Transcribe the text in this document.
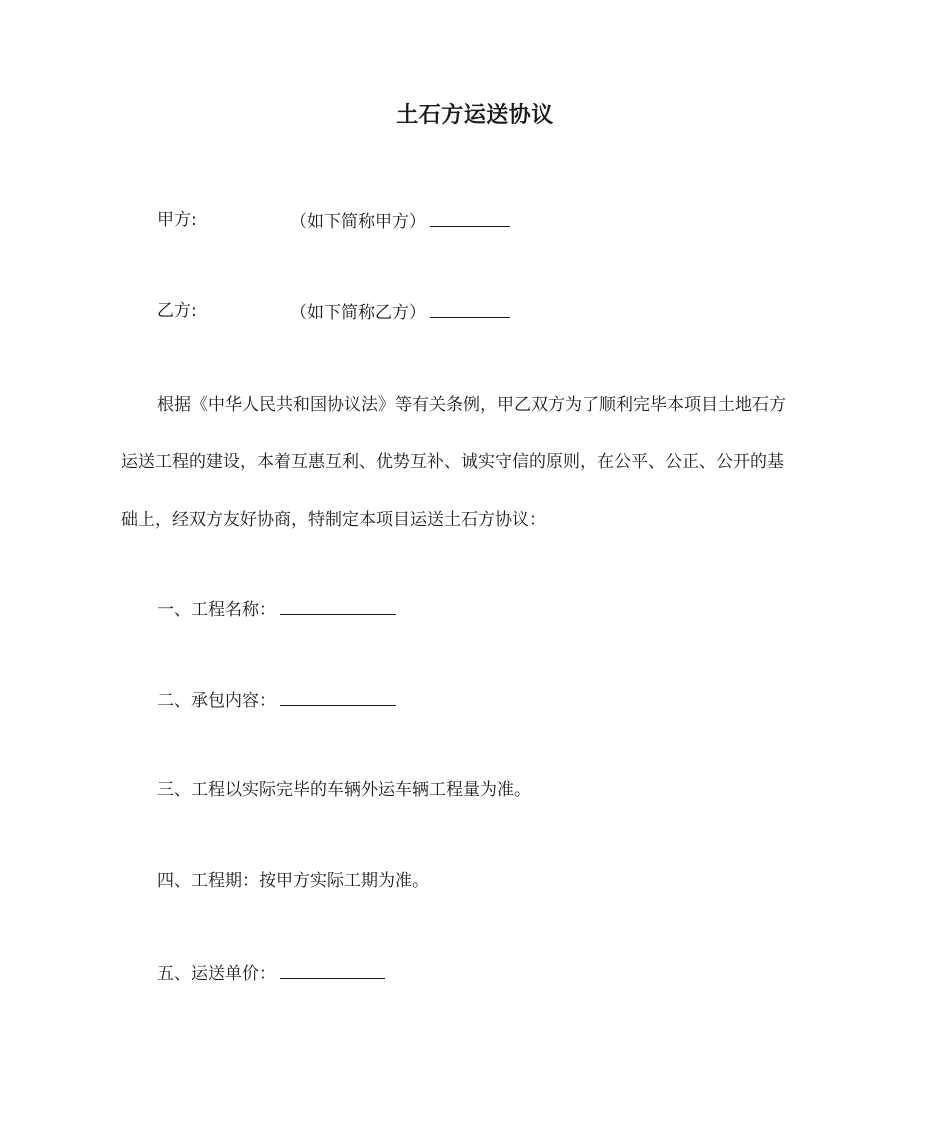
土石方运送协议
甲方:	（如下简称甲方）
乙方:	（如下简称乙方）
根据《中华人民共和国协议法》等有关条例，甲乙双方为了顺利完毕本项目土地石方
运送工程的建设，本着互惠互利、优势互补、诚实守信的原则，在公平、公正、公开的基
础上，经双方友好协商，特制定本项目运送土石方协议：
一、工程名称：
二、承包内容：
三、工程以实际完毕的车辆外运车辆工程量为准。
四、工程期：按甲方实际工期为准。
五、运送单价：
